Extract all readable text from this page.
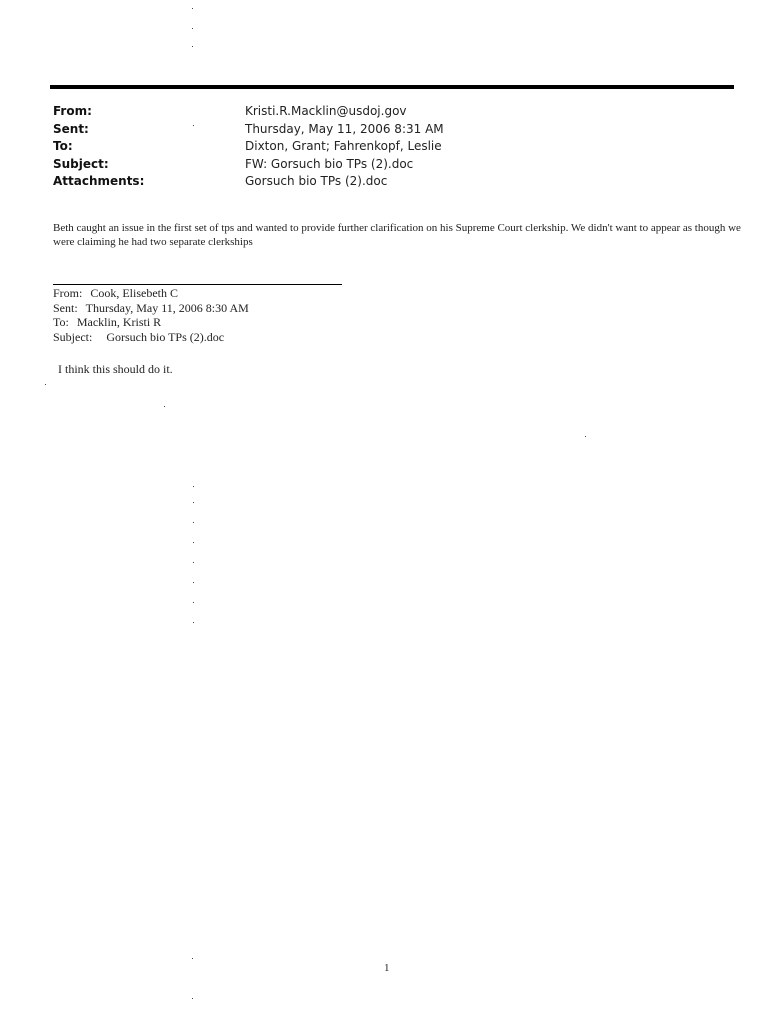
From:	Kristi.R.Macklin@usdoj.gov
Sent:	Thursday, May 11, 2006 8:31 AM
To:	Dixton, Grant; Fahrenkopf, Leslie
Subject:	FW: Gorsuch bio TPs (2).doc
Attachments:	Gorsuch bio TPs (2).doc
Beth caught an issue in the first set of tps and wanted to provide further clarification on his Supreme Court clerkship. We didn't want to appear as though we were claiming he had two separate clerkships
From: Cook, Elisebeth C
Sent: Thursday, May 11, 2006 8:30 AM
To: Macklin, Kristi R
Subject: Gorsuch bio TPs (2).doc
I think this should do it.
1
